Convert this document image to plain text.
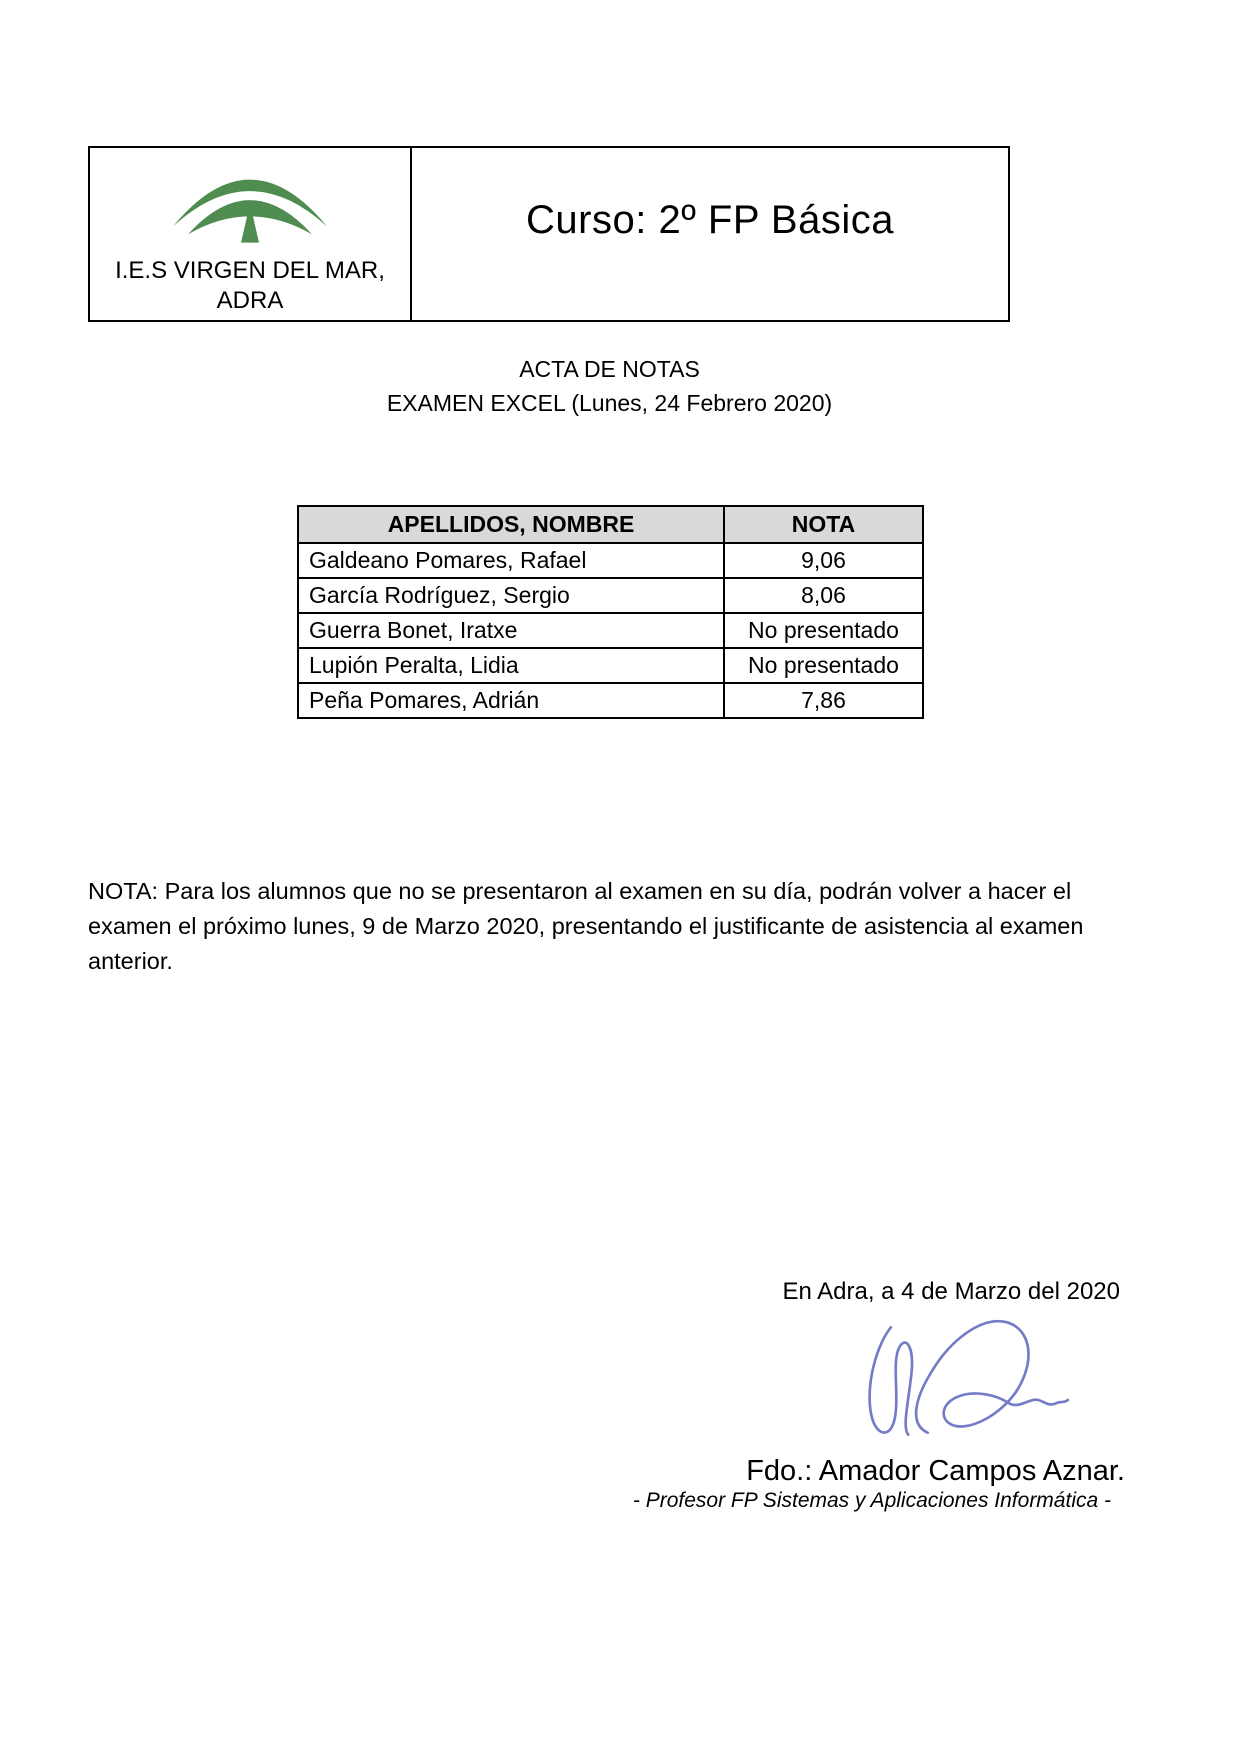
I.E.S VIRGEN DEL MAR,
ADRA
Curso: 2º FP Básica
ACTA DE NOTAS
EXAMEN EXCEL (Lunes, 24 Febrero 2020)
APELLIDOS, NOMBRE	NOTA
Galdeano Pomares, Rafael	9,06
García Rodríguez, Sergio	8,06
Guerra Bonet, Iratxe	No presentado
Lupión Peralta, Lidia	No presentado
Peña Pomares, Adrián	7,86

NOTA: Para los alumnos que no se presentaron al examen en su día, podrán volver a hacer el examen el próximo lunes, 9 de Marzo 2020, presentando el justificante de asistencia al examen anterior.

En Adra, a 4 de Marzo del 2020
Fdo.: Amador Campos Aznar.
- Profesor FP Sistemas y Aplicaciones Informática -
